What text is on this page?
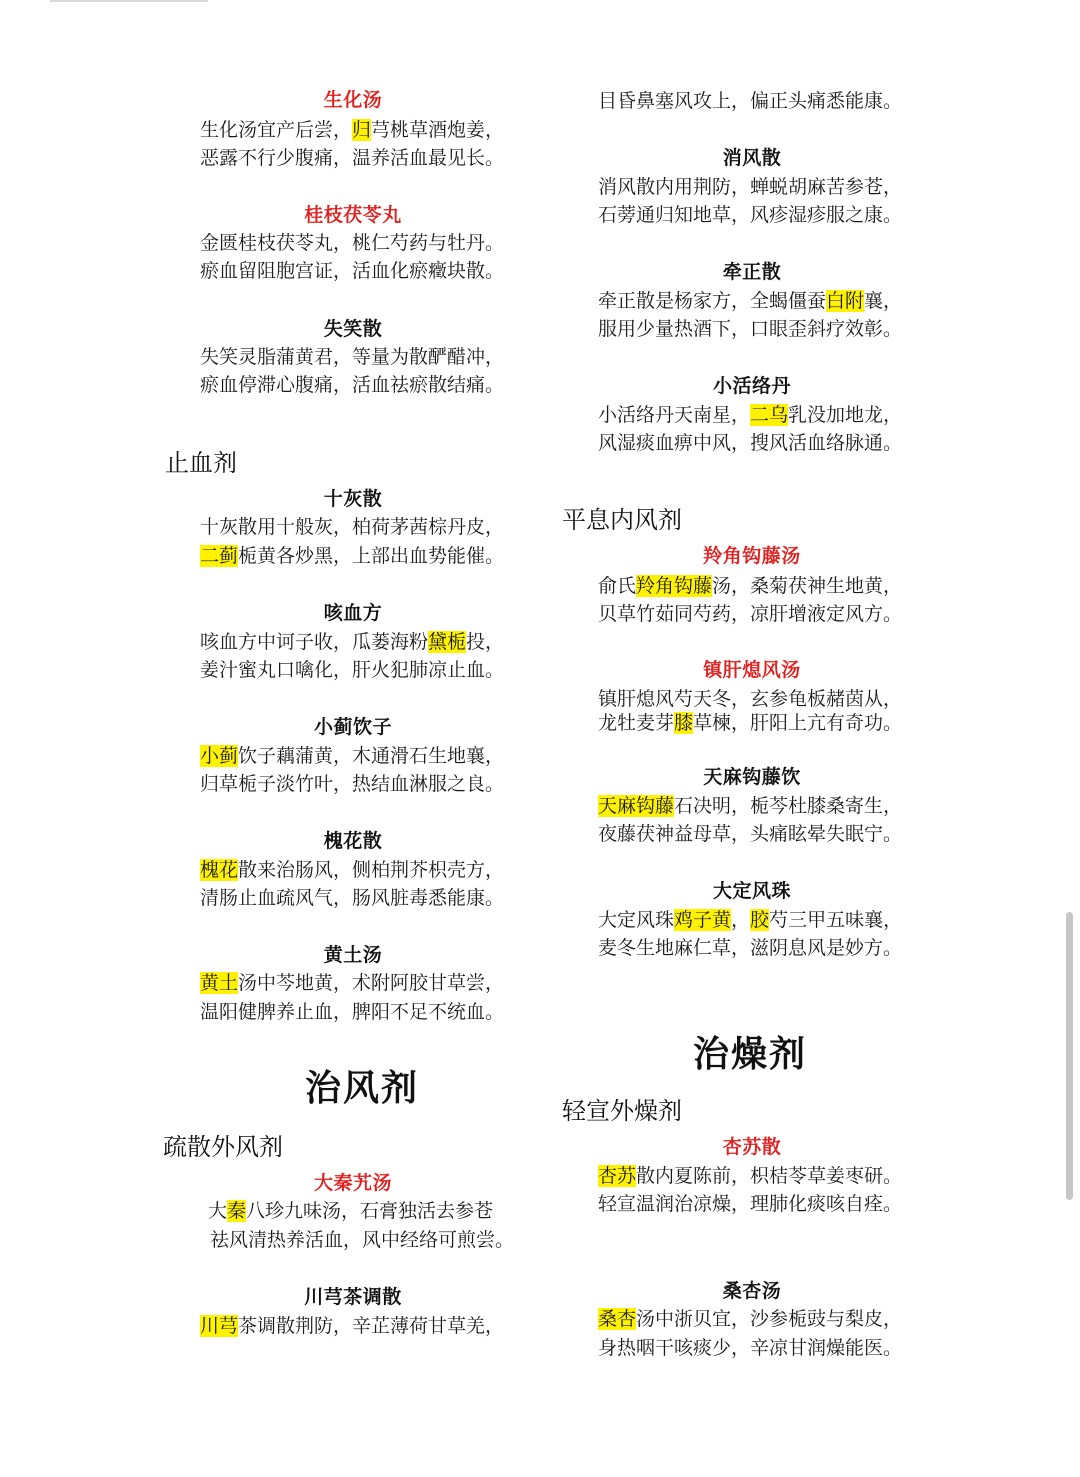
生化汤
生化汤宜产后尝，归芎桃草酒炮姜，
恶露不行少腹痛，温养活血最见长。
桂枝茯苓丸
金匮桂枝茯苓丸，桃仁芍药与牡丹。
瘀血留阻胞宫证，活血化瘀癥块散。
失笑散
失笑灵脂蒲黄君，等量为散酽醋冲，
瘀血停滞心腹痛，活血祛瘀散结痛。
十灰散
十灰散用十般灰，柏荷茅茜棕丹皮，
二蓟栀黄各炒黑，上部出血势能催。
咳血方
咳血方中诃子收，瓜蒌海粉黛栀投，
姜汁蜜丸口噙化，肝火犯肺凉止血。
小蓟饮子
小蓟饮子藕蒲黄，木通滑石生地襄，
归草栀子淡竹叶，热结血淋服之良。
槐花散
槐花散来治肠风，侧柏荆芥枳壳方，
清肠止血疏风气，肠风脏毒悉能康。
黄土汤
黄土汤中芩地黄，术附阿胶甘草尝，
温阳健脾养止血，脾阳不足不统血。
大秦艽汤
大秦八珍九味汤，石膏独活去参苍
祛风清热养活血，风中经络可煎尝。
川芎茶调散
川芎茶调散荆防，辛芷薄荷甘草羌，
止血剂
治风剂
疏散外风剂
目昏鼻塞风攻上，偏正头痛悉能康。
消风散
消风散内用荆防，蝉蜕胡麻苦参苍，
石蒡通归知地草，风疹湿疹服之康。
牵正散
牵正散是杨家方，全蝎僵蚕白附襄，
服用少量热酒下，口眼歪斜疗效彰。
小活络丹
小活络丹天南星，二乌乳没加地龙，
风湿痰血痹中风，搜风活血络脉通。
羚角钩藤汤
俞氏羚角钩藤汤，桑菊茯神生地黄，
贝草竹茹同芍药，凉肝增液定风方。
镇肝熄风汤
镇肝熄风芍天冬，玄参龟板赭茵从，
龙牡麦芽膝草楝，肝阳上亢有奇功。
天麻钩藤饮
天麻钩藤石决明，栀芩杜膝桑寄生，
夜藤茯神益母草，头痛眩晕失眠宁。
大定风珠
大定风珠鸡子黄，胶芍三甲五味襄，
麦冬生地麻仁草，滋阴息风是妙方。
杏苏散
杏苏散内夏陈前，枳桔苓草姜枣研。
轻宣温润治凉燥，理肺化痰咳自痊。
桑杏汤
桑杏汤中浙贝宜，沙参栀豉与梨皮，
身热咽干咳痰少，辛凉甘润燥能医。
平息内风剂
治燥剂
轻宣外燥剂
